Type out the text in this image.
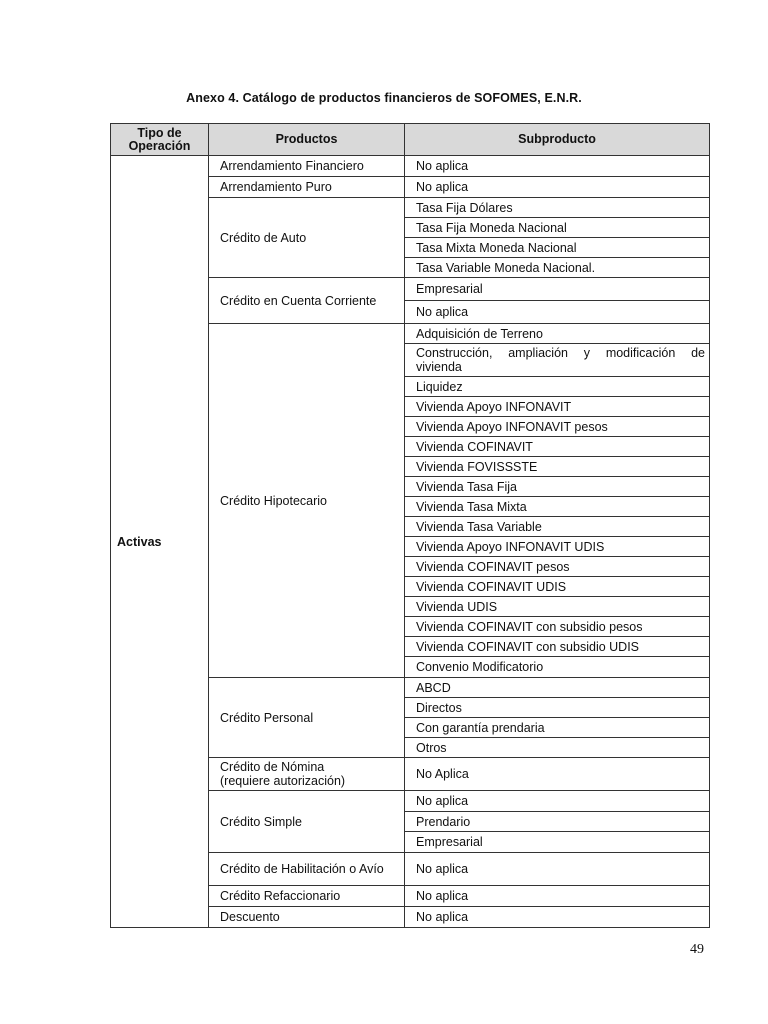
Anexo 4. Catálogo de productos financieros de SOFOMES, E.N.R.
Tipo de
Operación	Productos	Subproducto
Activas	Arrendamiento Financiero	No aplica
	Arrendamiento Puro	No aplica
	Crédito de Auto	Tasa Fija Dólares
		Tasa Fija Moneda Nacional
		Tasa Mixta Moneda Nacional
		Tasa Variable Moneda Nacional.
	Crédito en Cuenta Corriente	Empresarial
		No aplica
	Crédito Hipotecario	Adquisición de Terreno
		Construcción, ampliación y modificación de vivienda
		Liquidez
		Vivienda Apoyo INFONAVIT
		Vivienda Apoyo INFONAVIT pesos
		Vivienda COFINAVIT
		Vivienda FOVISSSTE
		Vivienda Tasa Fija
		Vivienda Tasa Mixta
		Vivienda Tasa Variable
		Vivienda Apoyo INFONAVIT UDIS
		Vivienda COFINAVIT pesos
		Vivienda COFINAVIT UDIS
		Vivienda UDIS
		Vivienda COFINAVIT con subsidio pesos
		Vivienda COFINAVIT con subsidio UDIS
		Convenio Modificatorio
	Crédito Personal	ABCD
		Directos
		Con garantía prendaria
		Otros
	Crédito de Nómina
(requiere autorización)	No Aplica
	Crédito Simple	No aplica
		Prendario
		Empresarial
	Crédito de Habilitación o Avío	No aplica
	Crédito Refaccionario	No aplica
	Descuento	No aplica
49
